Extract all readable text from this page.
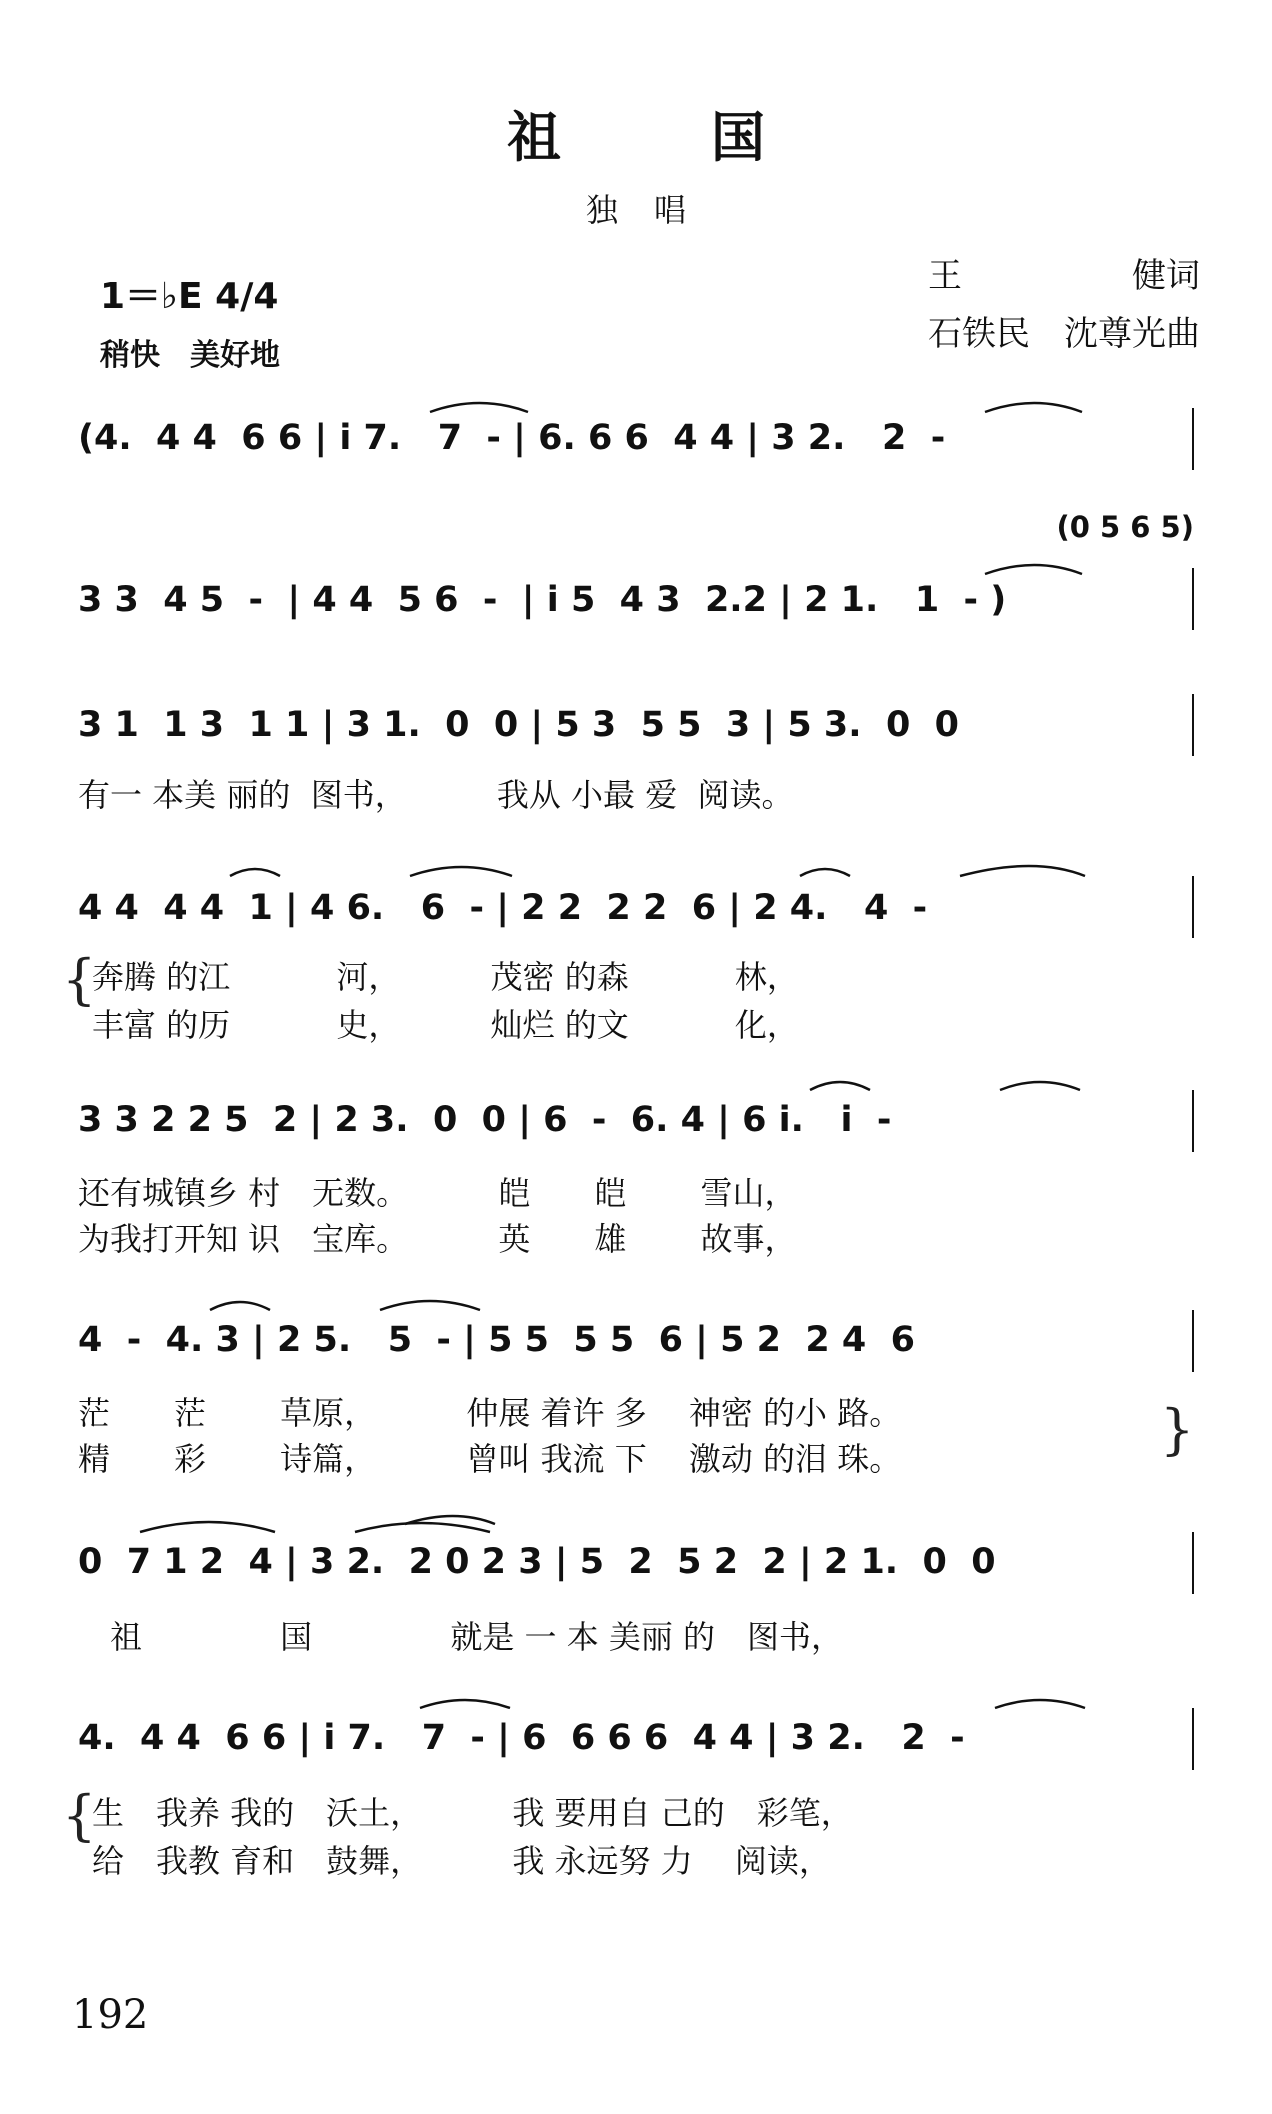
祖国
独唱
王　　　　　健词
石铁民　沈尊光曲
1＝♭E 4/4
稍快　美好地
(4.  4 4  6 6 | i 7.   7  - | 6. 6 6  4 4 | 3 2.   2  -
(0 5 6 5)
3 3  4 5  -  | 4 4  5 6  -  | i 5  4 3  2.2 | 2 1.   1  - )
3 1  1 3  1 1 | 3 1.  0  0 | 5 3  5 5  3 | 5 3.  0  0
有一 本美 丽的  图书，　　　 我从 小最 爱  阅读。
4 4  4 4  1 | 4 6.   6  - | 2 2  2 2  6 | 2 4.   4  -
{
奔腾 的江　　　 河，　　　 茂密 的森　　　 林，
丰富 的历　　　 史，　　　 灿烂 的文　　　 化，
3 3 2 2 5  2 | 2 3.  0  0 | 6  -  6. 4 | 6 i.   i  -
还有城镇乡 村　无数。　　　 皑　　皑　　 雪山，
为我打开知 识　宝库。　　　 英　　雄　　 故事，
4  -  4. 3 | 2 5.   5  - | 5 5  5 5  6 | 5 2  2 4  6
茫　　茫　　 草原，　　　 仲展 着许 多　 神密 的小 路。
精　　彩　　 诗篇，　　　 曾叫 我流 下　 激动 的泪 珠。	}
0  7 1 2  4 | 3 2.  2 0 2 3 | 5  2  5 2  2 | 2 1.  0  0
　祖　　　　 国　　　　 就是 一 本 美丽 的　图书，
4.  4 4  6 6 | i 7.   7  - | 6  6 6 6  4 4 | 3 2.   2  -
{
生　我养 我的　沃土，　　　 我 要用自 己的　彩笔，
给　我教 育和　鼓舞，　　　 我 永远努 力　 阅读，
192
